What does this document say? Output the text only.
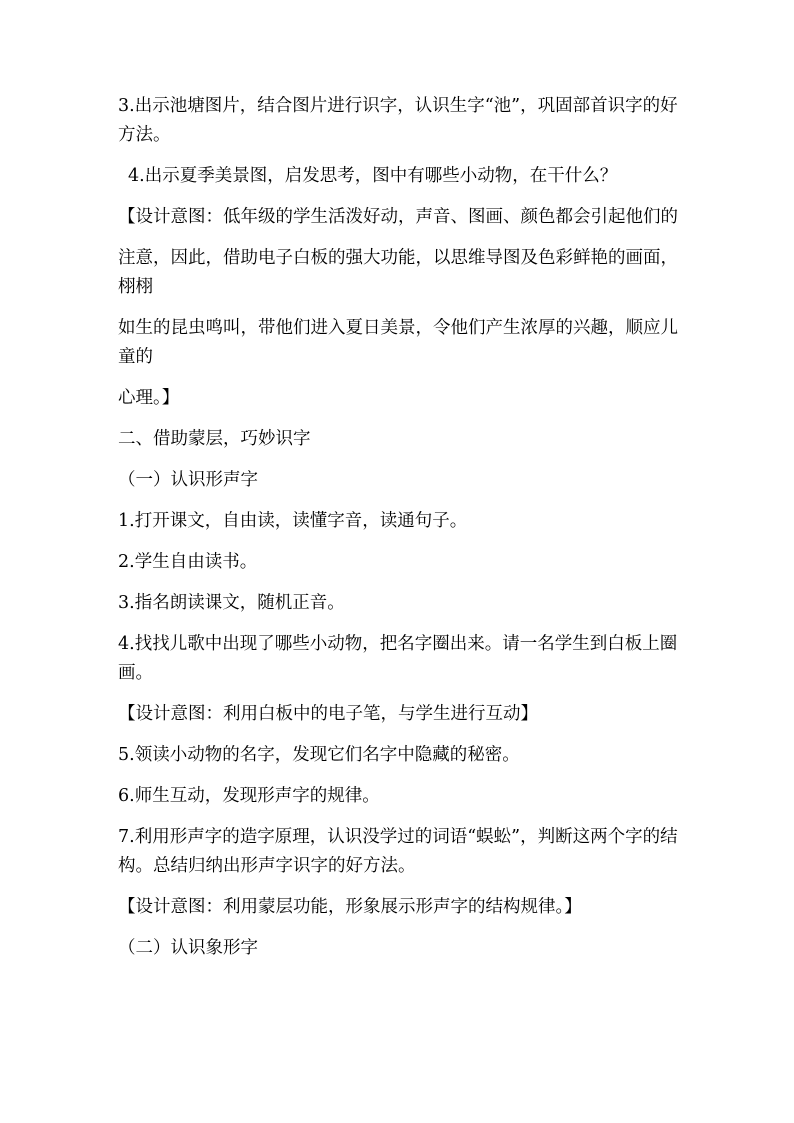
3.出示池塘图片，结合图片进行识字，认识生字“池”，巩固部首识字的好方法。

4.出示夏季美景图，启发思考，图中有哪些小动物，在干什么？

【设计意图：低年级的学生活泼好动，声音、图画、颜色都会引起他们的

注意，因此，借助电子白板的强大功能，以思维导图及色彩鲜艳的画面，栩栩

如生的昆虫鸣叫，带他们进入夏日美景，令他们产生浓厚的兴趣，顺应儿童的

心理。】

二、借助蒙层，巧妙识字

（一）认识形声字

1.打开课文，自由读，读懂字音，读通句子。

2.学生自由读书。

3.指名朗读课文，随机正音。

4.找找儿歌中出现了哪些小动物，把名字圈出来。请一名学生到白板上圈画。

【设计意图：利用白板中的电子笔，与学生进行互动】

5.领读小动物的名字，发现它们名字中隐藏的秘密。

6.师生互动，发现形声字的规律。

7.利用形声字的造字原理，认识没学过的词语“蜈蚣”，判断这两个字的结构。总结归纳出形声字识字的好方法。

【设计意图：利用蒙层功能，形象展示形声字的结构规律。】

（二）认识象形字
